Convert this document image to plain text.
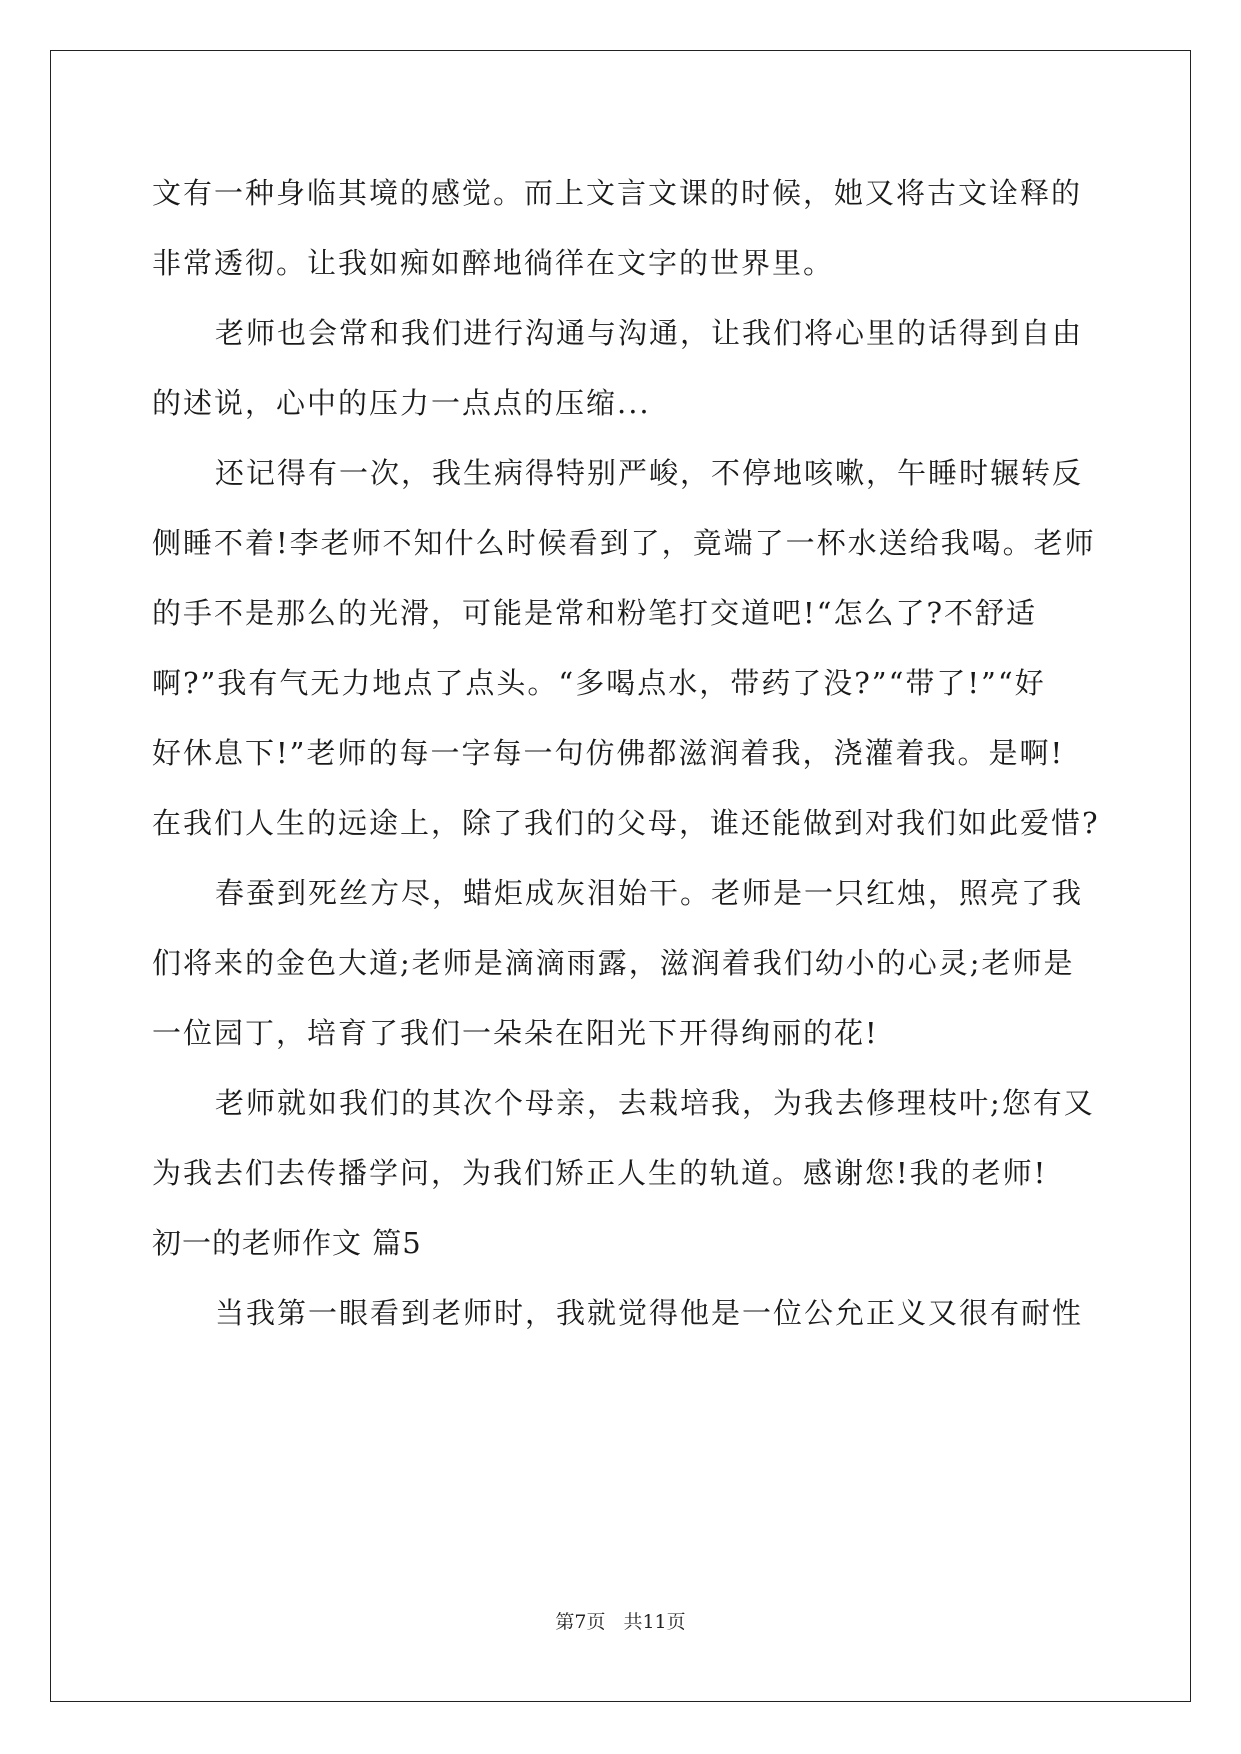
文有一种身临其境的感觉。而上文言文课的时候，她又将古文诠释的
非常透彻。让我如痴如醉地徜徉在文字的世界里。
老师也会常和我们进行沟通与沟通，让我们将心里的话得到自由
的述说，心中的压力一点点的压缩...
还记得有一次，我生病得特别严峻，不停地咳嗽，午睡时辗转反
侧睡不着!李老师不知什么时候看到了，竟端了一杯水送给我喝。老师
的手不是那么的光滑，可能是常和粉笔打交道吧!“怎么了?不舒适
啊?”我有气无力地点了点头。“多喝点水，带药了没?”“带了!”“好
好休息下!”老师的每一字每一句仿佛都滋润着我，浇灌着我。是啊!
在我们人生的远途上，除了我们的父母，谁还能做到对我们如此爱惜?
春蚕到死丝方尽，蜡炬成灰泪始干。老师是一只红烛，照亮了我
们将来的金色大道;老师是滴滴雨露，滋润着我们幼小的心灵;老师是
一位园丁，培育了我们一朵朵在阳光下开得绚丽的花!
老师就如我们的其次个母亲，去栽培我，为我去修理枝叶;您有又
为我去们去传播学问，为我们矫正人生的轨道。感谢您!我的老师!
初一的老师作文 篇5
当我第一眼看到老师时，我就觉得他是一位公允正义又很有耐性
第7页 共11页
